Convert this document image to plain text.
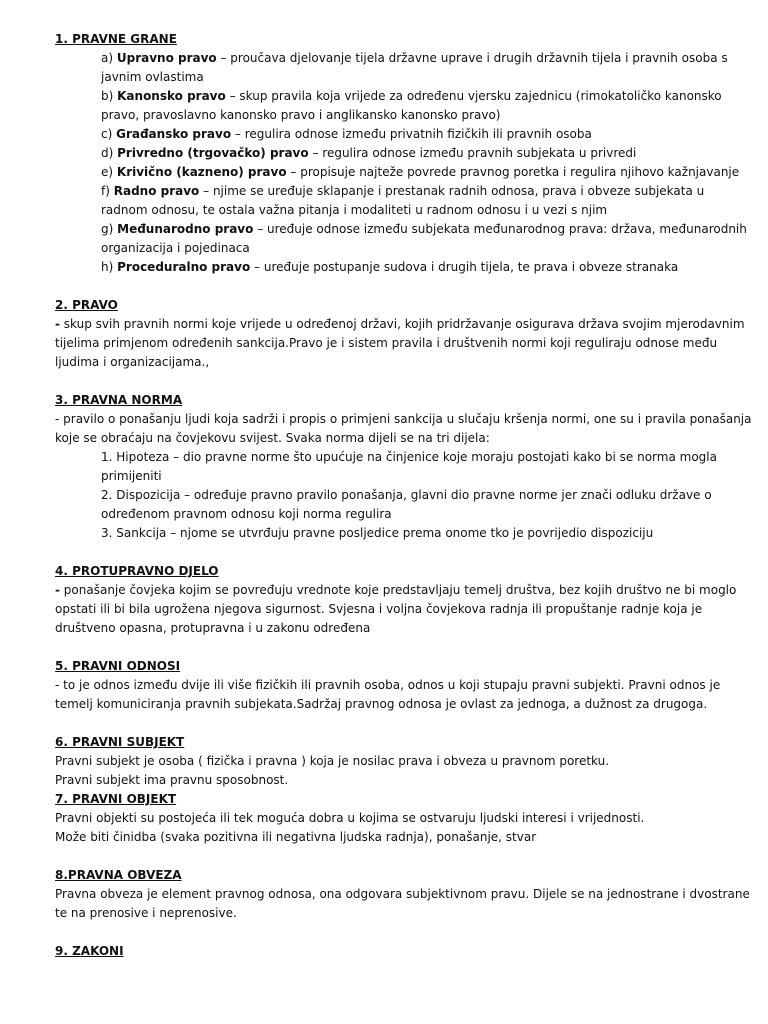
1. PRAVNE GRANE
a) Upravno pravo – proučava djelovanje tijela državne uprave i drugih državnih tijela i pravnih osoba s
javnim ovlastima
b) Kanonsko pravo – skup pravila koja vrijede za određenu vjersku zajednicu (rimokatoličko kanonsko
pravo, pravoslavno kanonsko pravo i anglikansko kanonsko pravo)
c) Građansko pravo – regulira odnose između privatnih fizičkih ili pravnih osoba
d) Privredno (trgovačko) pravo – regulira odnose između pravnih subjekata u privredi
e) Krivično (kazneno) pravo – propisuje najteže povrede pravnog poretka i regulira njihovo kažnjavanje
f) Radno pravo – njime se uređuje sklapanje i prestanak radnih odnosa, prava i obveze subjekata u
radnom odnosu, te ostala važna pitanja i modaliteti u radnom odnosu i u vezi s njim
g) Međunarodno pravo – uređuje odnose između subjekata međunarodnog prava: država, međunarodnih
organizacija i pojedinaca
h) Proceduralno pravo – uređuje postupanje sudova i drugih tijela, te prava i obveze stranaka
2. PRAVO
- skup svih pravnih normi koje vrijede u određenoj državi, kojih pridržavanje osigurava država svojim mjerodavnim
tijelima primjenom određenih sankcija.Pravo je i sistem pravila i društvenih normi koji reguliraju odnose među
ljudima i organizacijama.,
3. PRAVNA NORMA
- pravilo o ponašanju ljudi koja sadrži i propis o primjeni sankcija u slučaju kršenja normi, one su i pravila ponašanja
koje se obraćaju na čovjekovu svijest. Svaka norma dijeli se na tri dijela:
1. Hipoteza – dio pravne norme što upućuje na činjenice koje moraju postojati kako bi se norma mogla
primijeniti
2. Dispozicija – određuje pravno pravilo ponašanja, glavni dio pravne norme jer znači odluku države o
određenom pravnom odnosu koji norma regulira
3. Sankcija – njome se utvrđuju pravne posljedice prema onome tko je povrijedio dispoziciju
4. PROTUPRAVNO DJELO
- ponašanje čovjeka kojim se povređuju vrednote koje predstavljaju temelj društva, bez kojih društvo ne bi moglo
opstati ili bi bila ugrožena njegova sigurnost. Svjesna i voljna čovjekova radnja ili propuštanje radnje koja je
društveno opasna, protupravna i u zakonu određena
5. PRAVNI ODNOSI
- to je odnos između dvije ili više fizičkih ili pravnih osoba, odnos u koji stupaju pravni subjekti. Pravni odnos je
temelj komuniciranja pravnih subjekata.Sadržaj pravnog odnosa je ovlast za jednoga, a dužnost za drugoga.
6. PRAVNI SUBJEKT
Pravni subjekt je osoba ( fizička i pravna ) koja je nosilac prava i obveza u pravnom poretku.
Pravni subjekt ima pravnu sposobnost.
7. PRAVNI OBJEKT
Pravni objekti su postojeća ili tek moguća dobra u kojima se ostvaruju ljudski interesi i vrijednosti.
Može biti činidba (svaka pozitivna ili negativna ljudska radnja), ponašanje, stvar
8.PRAVNA OBVEZA
Pravna obveza je element pravnog odnosa, ona odgovara subjektivnom pravu. Dijele se na jednostrane i dvostrane
te na prenosive i neprenosive.
9. ZAKONI
